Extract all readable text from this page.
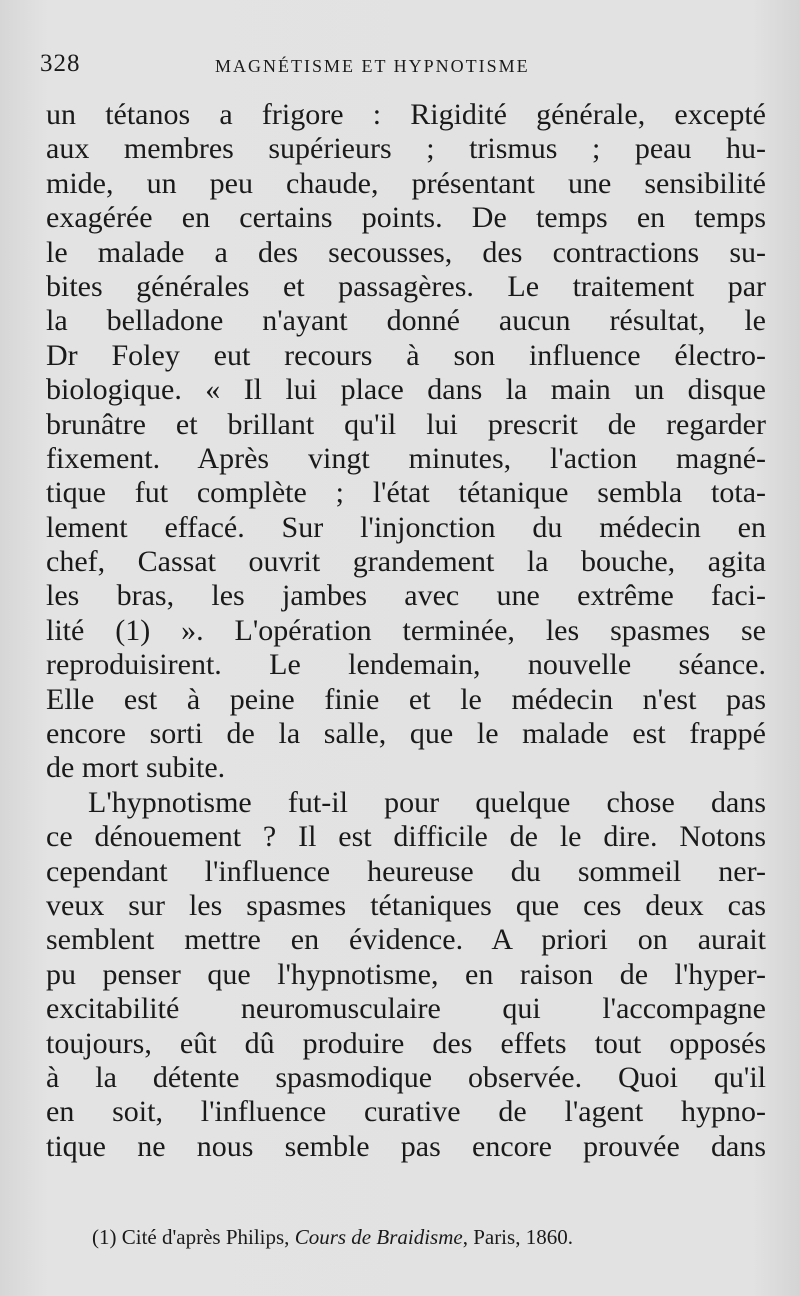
328	MAGNÉTISME ET HYPNOTISME
un tétanos a frigore : Rigidité générale, excepté
aux membres supérieurs ; trismus ; peau hu-
mide, un peu chaude, présentant une sensibilité
exagérée en certains points. De temps en temps
le malade a des secousses, des contractions su-
bites générales et passagères. Le traitement par
la belladone n'ayant donné aucun résultat, le
Dr Foley eut recours à son influence électro-
biologique. « Il lui place dans la main un disque
brunâtre et brillant qu'il lui prescrit de regarder
fixement. Après vingt minutes, l'action magné-
tique fut complète ; l'état tétanique sembla tota-
lement effacé. Sur l'injonction du médecin en
chef, Cassat ouvrit grandement la bouche, agita
les bras, les jambes avec une extrême faci-
lité (1) ». L'opération terminée, les spasmes se
reproduisirent. Le lendemain, nouvelle séance.
Elle est à peine finie et le médecin n'est pas
encore sorti de la salle, que le malade est frappé
de mort subite.
L'hypnotisme fut-il pour quelque chose dans
ce dénouement ? Il est difficile de le dire. Notons
cependant l'influence heureuse du sommeil ner-
veux sur les spasmes tétaniques que ces deux cas
semblent mettre en évidence. A priori on aurait
pu penser que l'hypnotisme, en raison de l'hyper-
excitabilité neuromusculaire qui l'accompagne
toujours, eût dû produire des effets tout opposés
à la détente spasmodique observée. Quoi qu'il
en soit, l'influence curative de l'agent hypno-
tique ne nous semble pas encore prouvée dans
(1) Cité d'après Philips, Cours de Braidisme, Paris, 1860.
